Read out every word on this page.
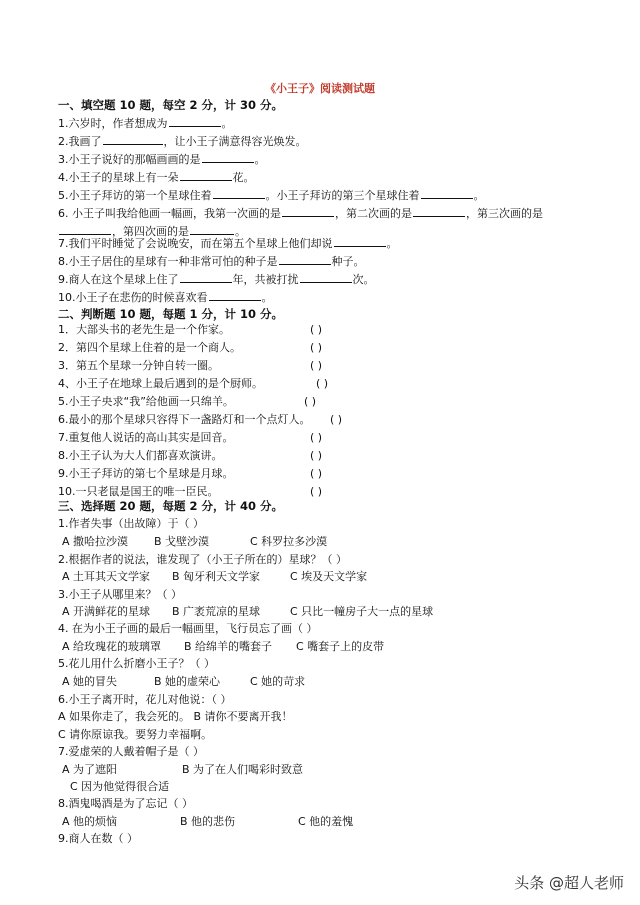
《小王子》阅读测试题
一、填空题 10 题，每空 2 分，计 30 分。
1.六岁时，作者想成为	。
2.我画了	，让小王子满意得容光焕发。
3.小王子说好的那幅画画的是	。
4.小王子的星球上有一朵	花。
5.小王子拜访的第一个星球住着	。小王子拜访的第三个星球住着	。
6. 小王子叫我给他画一幅画，我第一次画的是	，第二次画的是	，第三次画的是
，第四次画的是	。
7.我们平时睡觉了会说晚安，而在第五个星球上他们却说	。
8.小王子居住的星球有一种非常可怕的种子是	种子。
9.商人在这个星球上住了	年，共被打扰	次。
10.小王子在悲伤的时候喜欢看	。
二、判断题 10 题，每题 1 分，计 10 分。
1．大部头书的老先生是一个作家。	( )
2．第四个星球上住着的是一个商人。	( )
3．第五个星球一分钟自转一圈。	( )
4、小王子在地球上最后遇到的是个厨师。	( )
5.小王子央求“我”给他画一只绵羊。	( )
6.最小的那个星球只容得下一盏路灯和一个点灯人。 ( )
7.重复他人说话的高山其实是回音。	( )
8.小王子认为大人们都喜欢演讲。	( )
9.小王子拜访的第七个星球是月球。	( )
10.一只老鼠是国王的唯一臣民。	( )
三、选择题 20 题，每题 2 分，计 40 分。
1.作者失事（出故障）于（ ）
A 撒哈拉沙漠 B 戈壁沙漠	C 科罗拉多沙漠
2.根据作者的说法，谁发现了（小王子所在的）星球？（ ）
A 土耳其天文学家 B 匈牙利天文学家	C 埃及天文学家
3.小王子从哪里来？（ ）
A 开满鲜花的星球 B 广袤荒凉的星球	C 只比一幢房子大一点的星球
4. 在为小王子画的最后一幅画里，飞行员忘了画（ ）
A 给玫瑰花的玻璃罩 B 给绵羊的嘴套子 C 嘴套子上的皮带
5.花儿用什么折磨小王子？（ ）
A 她的冒失	B 她的虚荣心	C 她的苛求
6.小王子离开时，花儿对他说：（ ）
A 如果你走了，我会死的。 B 请你不要离开我！
C 请你原谅我。要努力幸福啊。
7.爱虚荣的人戴着帽子是（ ）
A 为了遮阳	B 为了在人们喝彩时致意
C 因为他觉得很合适
8.酒鬼喝酒是为了忘记（ ）
A 他的烦恼	B 他的悲伤	C 他的羞愧
9.商人在数（ ）
头条 @超人老师
